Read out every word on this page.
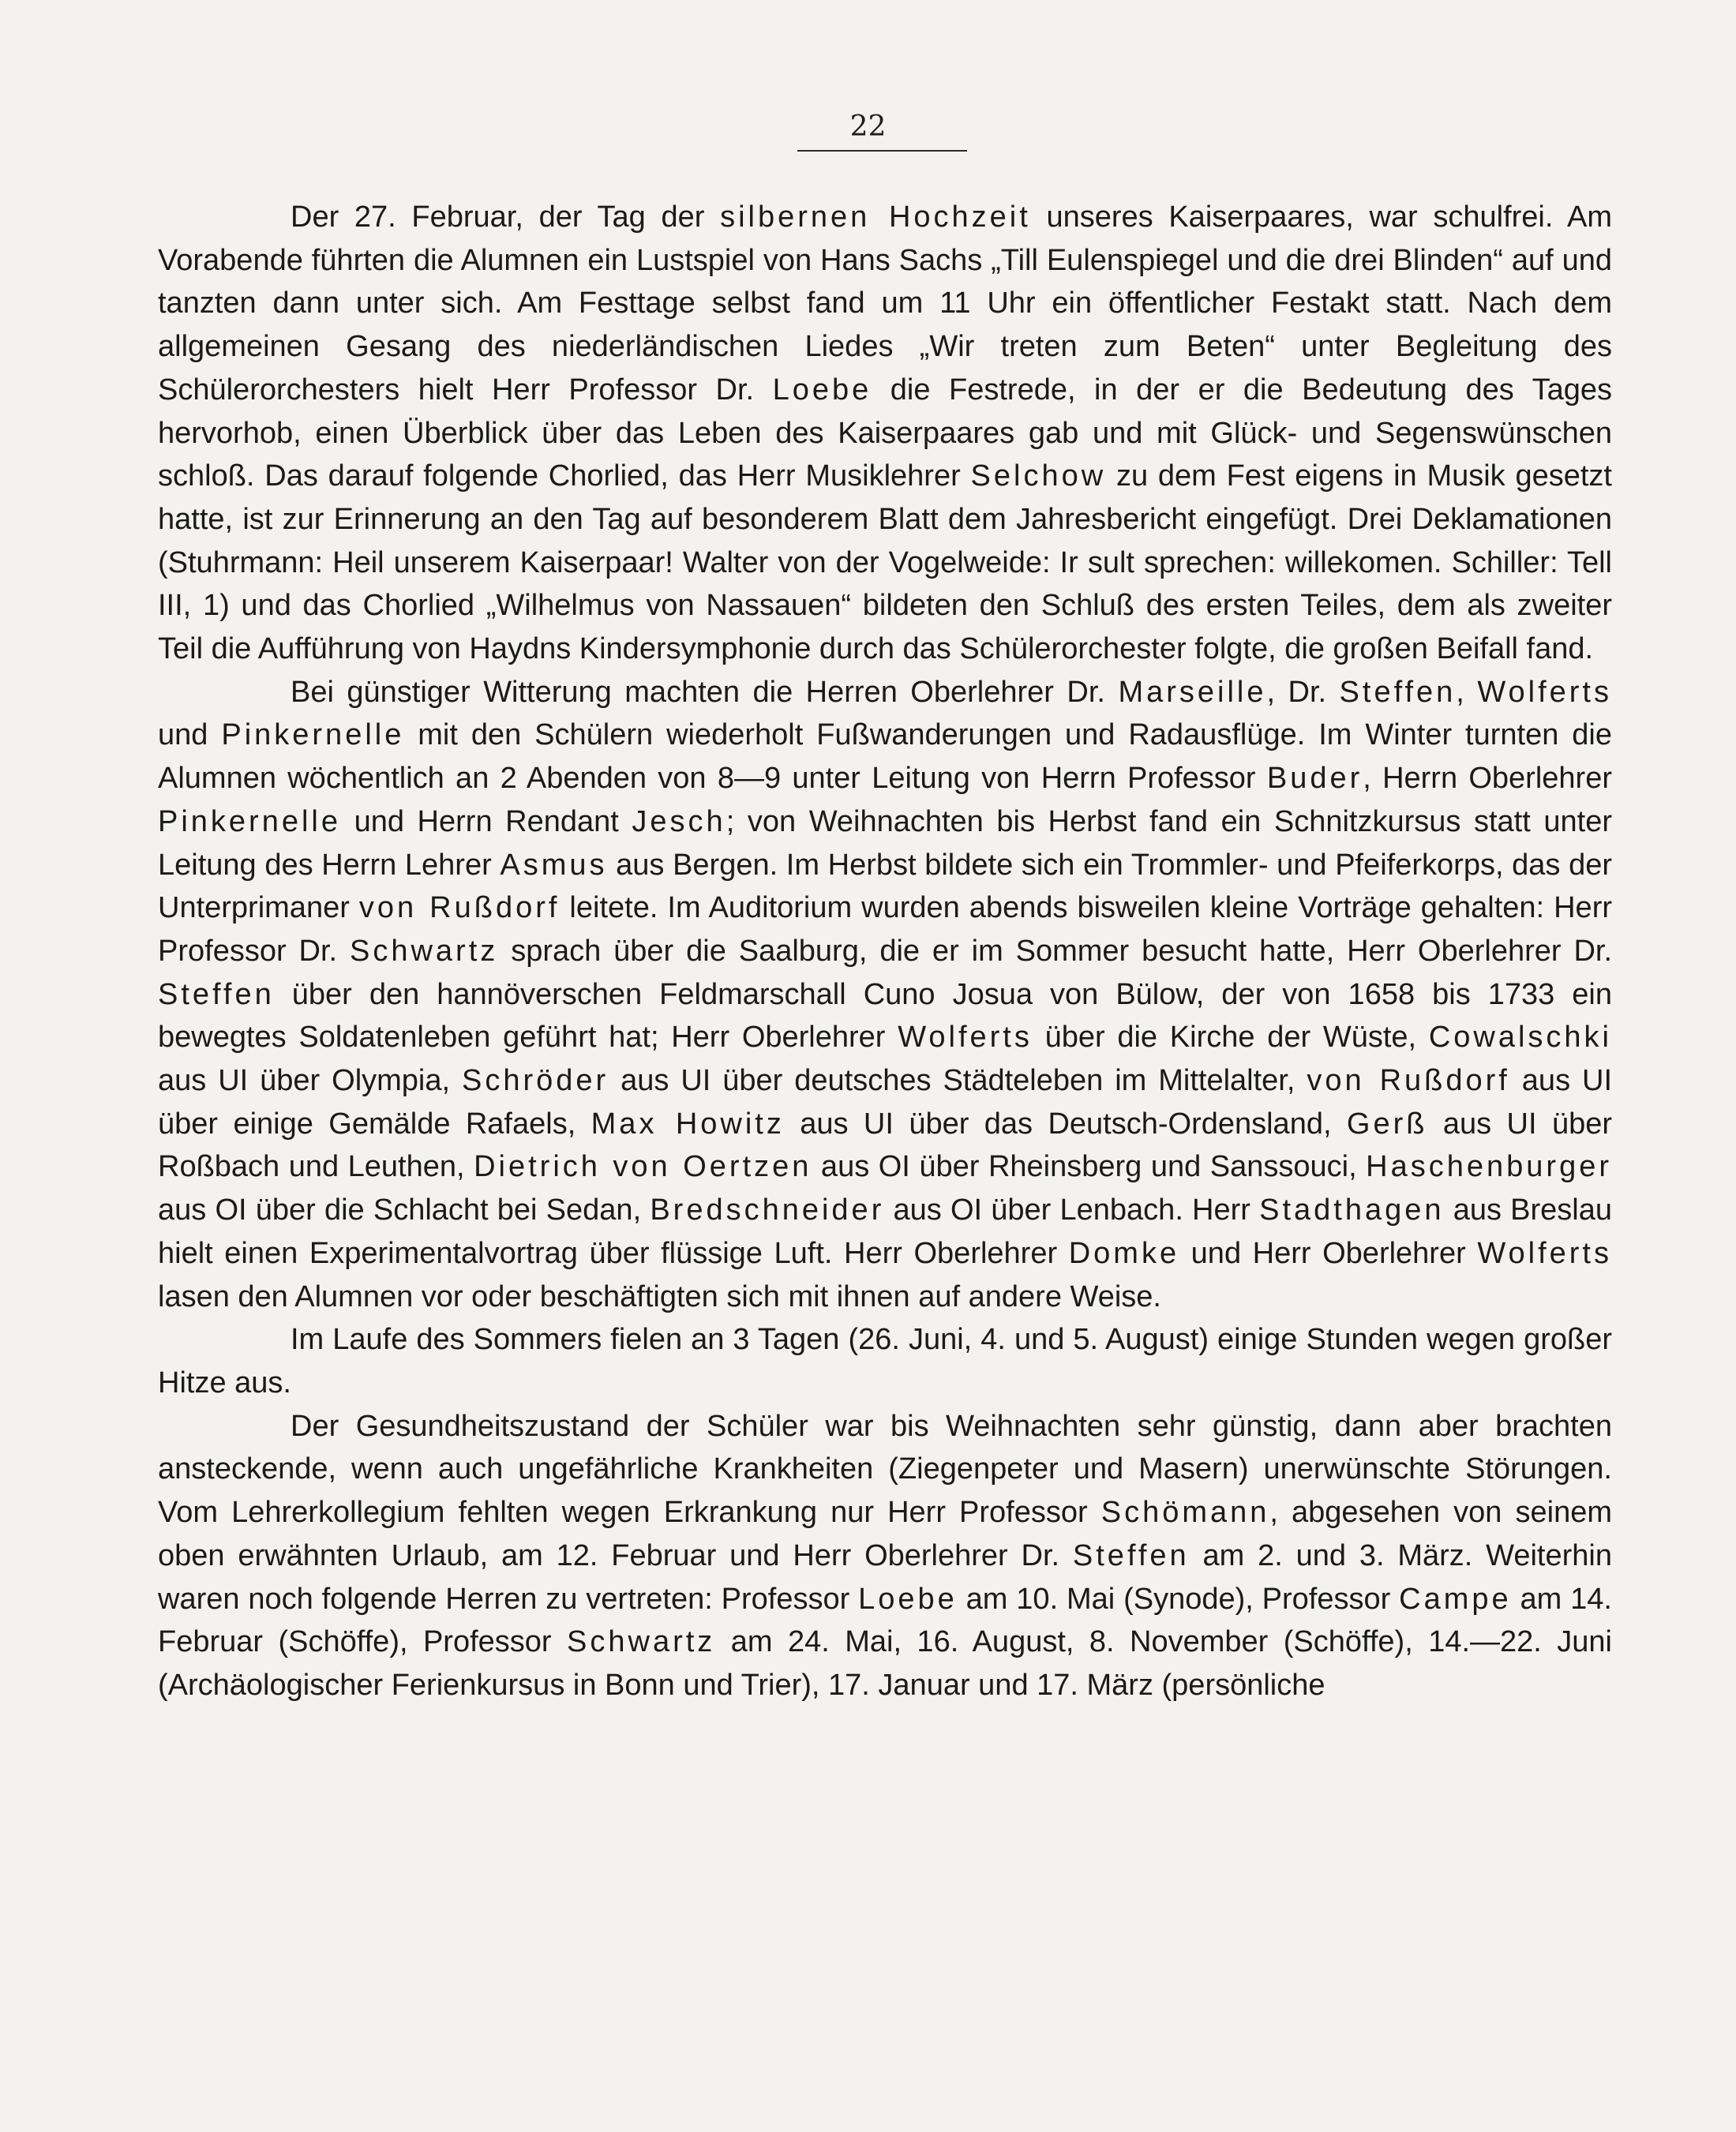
22

Der 27. Februar, der Tag der silbernen Hochzeit unseres Kaiserpaares, war schulfrei. Am Vorabende führten die Alumnen ein Lustspiel von Hans Sachs „Till Eulenspiegel und die drei Blinden“ auf und tanzten dann unter sich. Am Festtage selbst fand um 11 Uhr ein öffentlicher Festakt statt. Nach dem allgemeinen Gesang des niederländischen Liedes „Wir treten zum Beten“ unter Begleitung des Schülerorchesters hielt Herr Professor Dr. Loebe die Festrede, in der er die Bedeutung des Tages hervorhob, einen Überblick über das Leben des Kaiserpaares gab und mit Glück- und Segenswünschen schloß. Das darauf folgende Chorlied, das Herr Musiklehrer Selchow zu dem Fest eigens in Musik gesetzt hatte, ist zur Erinnerung an den Tag auf besonderem Blatt dem Jahresbericht eingefügt. Drei Deklamationen (Stuhrmann: Heil unserem Kaiserpaar! Walter von der Vogelweide: Ir sult sprechen: willekomen. Schiller: Tell III, 1) und das Chorlied „Wilhelmus von Nassauen“ bildeten den Schluß des ersten Teiles, dem als zweiter Teil die Aufführung von Haydns Kindersymphonie durch das Schülerorchester folgte, die großen Beifall fand.

Bei günstiger Witterung machten die Herren Oberlehrer Dr. Marseille, Dr. Steffen, Wolferts und Pinkernelle mit den Schülern wiederholt Fußwanderungen und Radausflüge. Im Winter turnten die Alumnen wöchentlich an 2 Abenden von 8—9 unter Leitung von Herrn Professor Buder, Herrn Oberlehrer Pinkernelle und Herrn Rendant Jesch; von Weihnachten bis Herbst fand ein Schnitzkursus statt unter Leitung des Herrn Lehrer Asmus aus Bergen. Im Herbst bildete sich ein Trommler- und Pfeiferkorps, das der Unterprimaner von Rußdorf leitete. Im Auditorium wurden abends bisweilen kleine Vorträge gehalten: Herr Professor Dr. Schwartz sprach über die Saalburg, die er im Sommer besucht hatte, Herr Oberlehrer Dr. Steffen über den hannöverschen Feldmarschall Cuno Josua von Bülow, der von 1658 bis 1733 ein bewegtes Soldatenleben geführt hat; Herr Oberlehrer Wolferts über die Kirche der Wüste, Cowalschki aus UI über Olympia, Schröder aus UI über deutsches Städteleben im Mittelalter, von Rußdorf aus UI über einige Gemälde Rafaels, Max Howitz aus UI über das Deutsch-Ordensland, Gerß aus UI über Roßbach und Leuthen, Dietrich von Oertzen aus OI über Rheinsberg und Sanssouci, Haschenburger aus OI über die Schlacht bei Sedan, Bredschneider aus OI über Lenbach. Herr Stadthagen aus Breslau hielt einen Experimentalvortrag über flüssige Luft. Herr Oberlehrer Domke und Herr Oberlehrer Wolferts lasen den Alumnen vor oder beschäftigten sich mit ihnen auf andere Weise.

Im Laufe des Sommers fielen an 3 Tagen (26. Juni, 4. und 5. August) einige Stunden wegen großer Hitze aus.

Der Gesundheitszustand der Schüler war bis Weihnachten sehr günstig, dann aber brachten ansteckende, wenn auch ungefährliche Krankheiten (Ziegenpeter und Masern) unerwünschte Störungen. Vom Lehrerkollegium fehlten wegen Erkrankung nur Herr Professor Schömann, abgesehen von seinem oben erwähnten Urlaub, am 12. Februar und Herr Oberlehrer Dr. Steffen am 2. und 3. März. Weiterhin waren noch folgende Herren zu vertreten: Professor Loebe am 10. Mai (Synode), Professor Campe am 14. Februar (Schöffe), Professor Schwartz am 24. Mai, 16. August, 8. November (Schöffe), 14.—22. Juni (Archäologischer Ferienkursus in Bonn und Trier), 17. Januar und 17. März (persönliche
